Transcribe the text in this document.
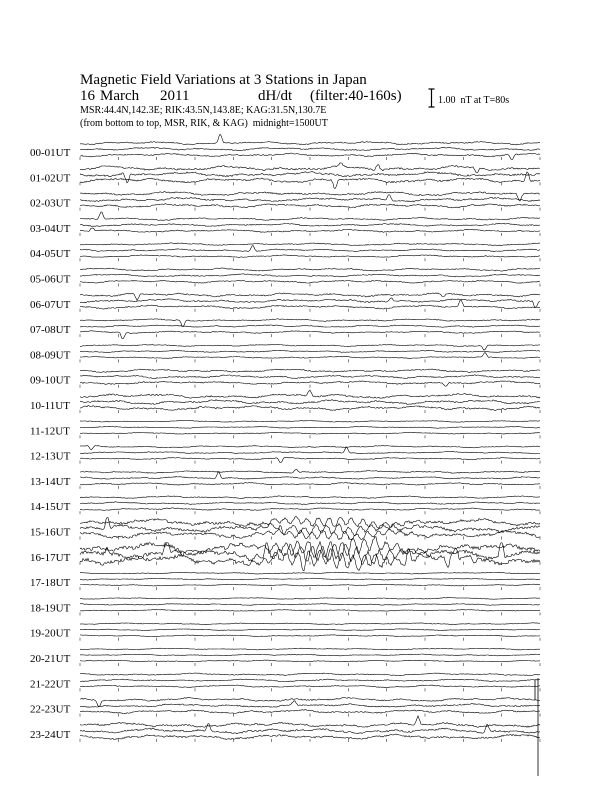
Magnetic Field Variations at 3 Stations in Japan
16 March 2011	dH/dt (filter:40-160s)
MSR:44.4N,142.3E; RIK:43.5N,143.8E; KAG:31.5N,130.7E
(from bottom to top, MSR, RIK, & KAG) midnight=1500UT
1.00 nT at T=80s
00-01UT
01-02UT
02-03UT
03-04UT
04-05UT
05-06UT
06-07UT
07-08UT
08-09UT
09-10UT
10-11UT
11-12UT
12-13UT
13-14UT
14-15UT
15-16UT
16-17UT
17-18UT
18-19UT
19-20UT
20-21UT
21-22UT
22-23UT
23-24UT
